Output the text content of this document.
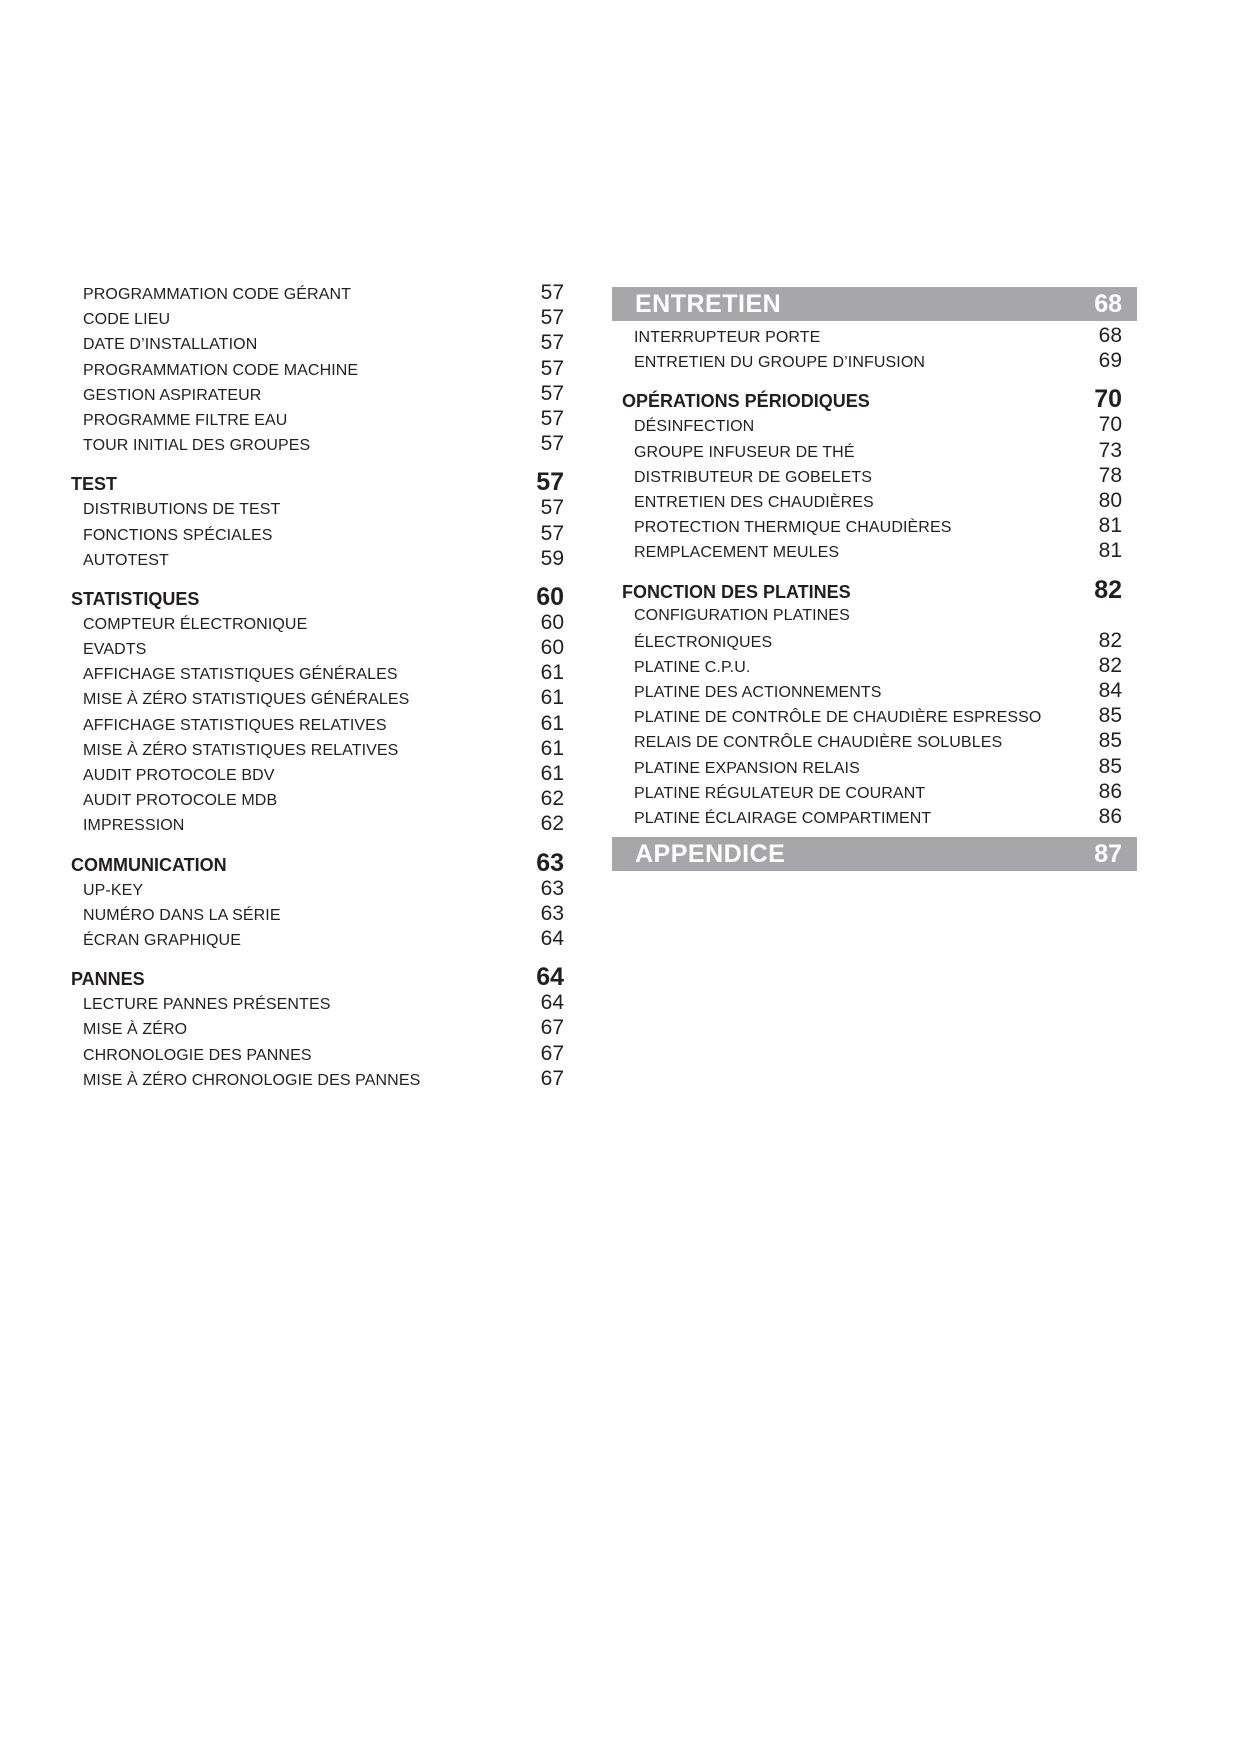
PROGRAMMATION CODE GÉRANT	57
CODE LIEU	57
DATE D’INSTALLATION	57
PROGRAMMATION CODE MACHINE	57
GESTION ASPIRATEUR	57
PROGRAMME FILTRE EAU	57
TOUR INITIAL DES GROUPES	57
TEST	57
DISTRIBUTIONS DE TEST	57
FONCTIONS SPÉCIALES	57
AUTOTEST	59
STATISTIQUES	60
COMPTEUR ÉLECTRONIQUE	60
EVADTS	60
AFFICHAGE STATISTIQUES GÉNÉRALES	61
MISE À ZÉRO STATISTIQUES GÉNÉRALES	61
AFFICHAGE STATISTIQUES RELATIVES	61
MISE À ZÉRO STATISTIQUES RELATIVES	61
AUDIT PROTOCOLE BDV	61
AUDIT PROTOCOLE MDB	62
IMPRESSION	62
COMMUNICATION	63
UP-KEY	63
NUMÉRO DANS LA SÉRIE	63
ÉCRAN GRAPHIQUE	64
PANNES	64
LECTURE PANNES PRÉSENTES	64
MISE À ZÉRO	67
CHRONOLOGIE DES PANNES	67
MISE À ZÉRO CHRONOLOGIE DES PANNES	67
ENTRETIEN	68
INTERRUPTEUR PORTE	68
ENTRETIEN DU GROUPE D’INFUSION	69
OPÉRATIONS PÉRIODIQUES	70
DÉSINFECTION	70
GROUPE INFUSEUR DE THÉ	73
DISTRIBUTEUR DE GOBELETS	78
ENTRETIEN DES CHAUDIÈRES	80
PROTECTION THERMIQUE CHAUDIÈRES	81
REMPLACEMENT MEULES	81
FONCTION DES PLATINES	82
CONFIGURATION PLATINES
ÉLECTRONIQUES	82
PLATINE C.P.U.	82
PLATINE DES ACTIONNEMENTS	84
PLATINE DE CONTRÔLE DE CHAUDIÈRE ESPRESSO	85
RELAIS DE CONTRÔLE CHAUDIÈRE SOLUBLES	85
PLATINE EXPANSION RELAIS	85
PLATINE RÉGULATEUR DE COURANT	86
PLATINE ÉCLAIRAGE COMPARTIMENT	86
APPENDICE	87
